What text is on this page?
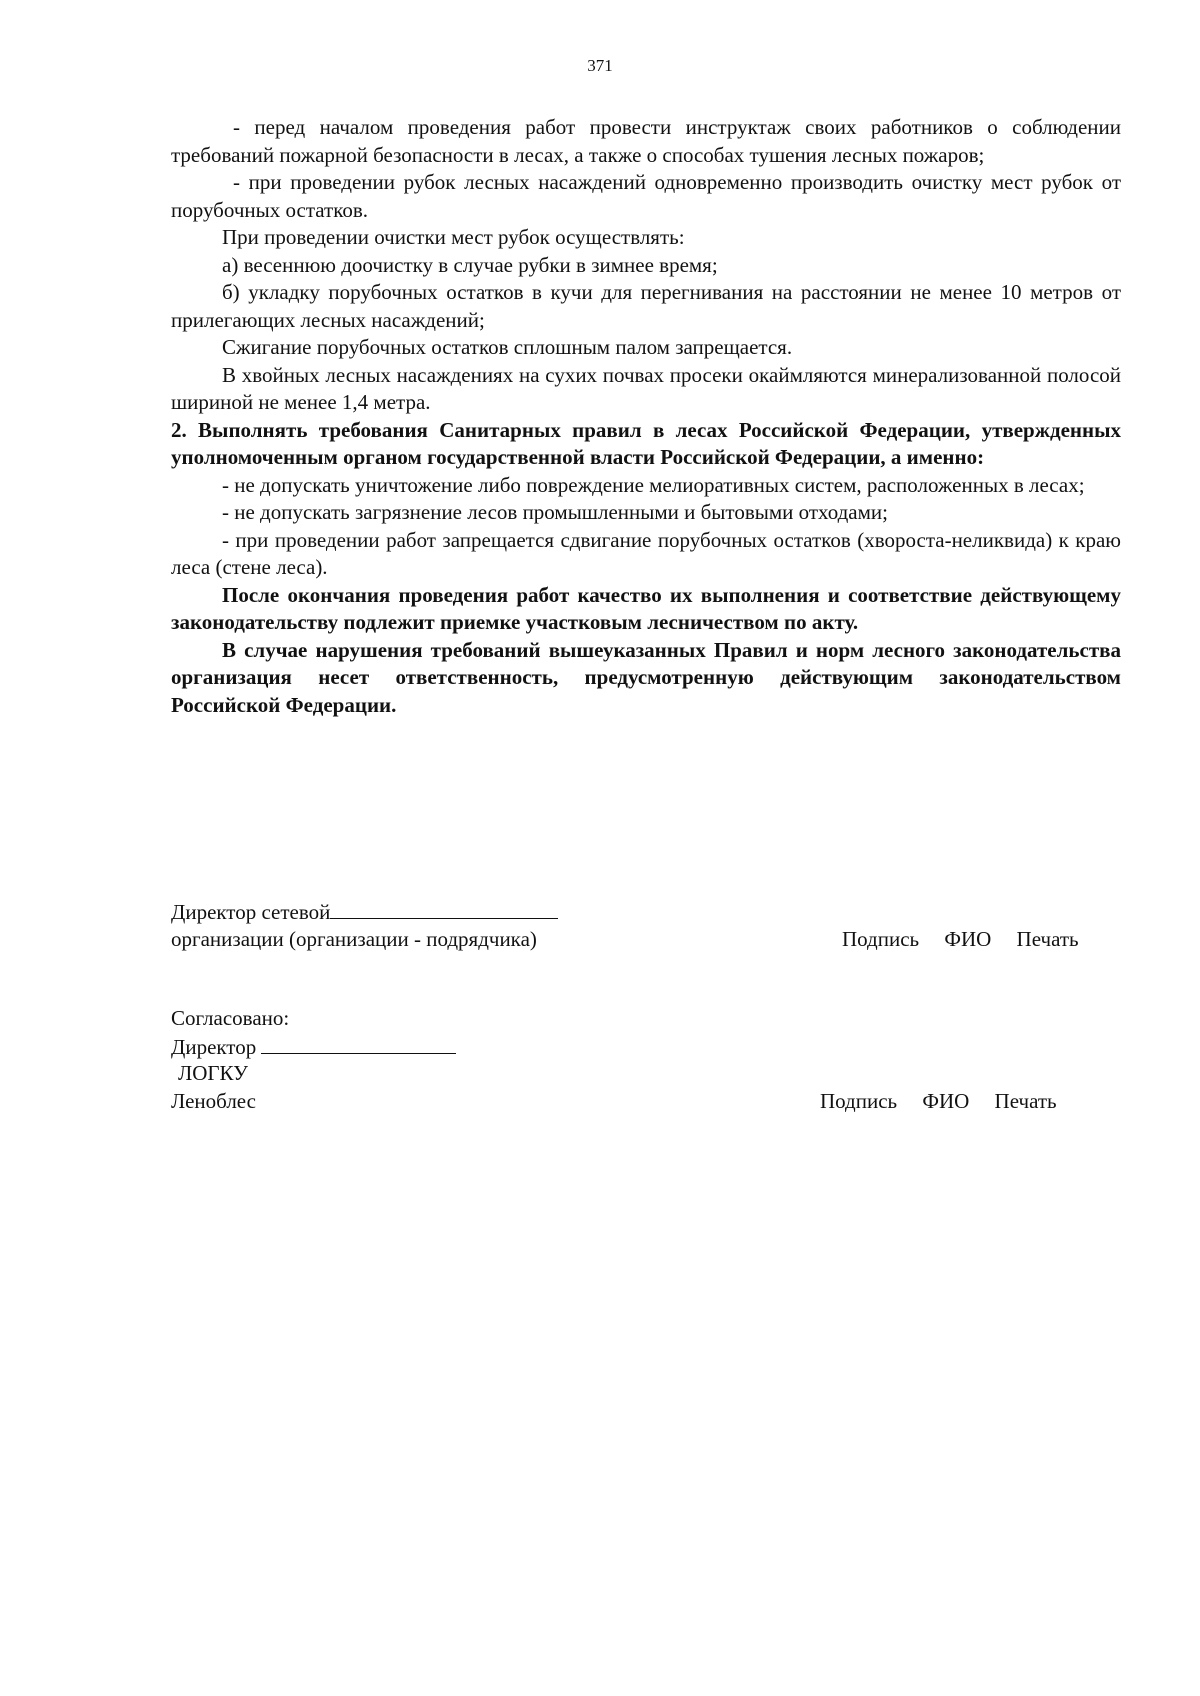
371

- перед началом проведения работ провести инструктаж своих работников о соблюдении требований пожарной безопасности в лесах, а также о способах тушения лесных пожаров;

- при проведении рубок лесных насаждений одновременно производить очистку мест рубок от порубочных остатков.

При проведении очистки мест рубок осуществлять:

а) весеннюю доочистку в случае рубки в зимнее время;

б) укладку порубочных остатков в кучи для перегнивания на расстоянии не менее 10 метров от прилегающих лесных насаждений;

Сжигание порубочных остатков сплошным палом запрещается.

В хвойных лесных насаждениях на сухих почвах просеки окаймляются минерализованной полосой шириной не менее 1,4 метра.

2. Выполнять требования Санитарных правил в лесах Российской Федерации, утвержденных уполномоченным органом государственной власти Российской Федерации, а именно:

- не допускать уничтожение либо повреждение мелиоративных систем, расположенных в лесах;

- не допускать загрязнение лесов промышленными и бытовыми отходами;

- при проведении работ запрещается сдвигание порубочных остатков (хвороста-неликвида) к краю леса (стене леса).

После окончания проведения работ качество их выполнения и соответствие действующему законодательству подлежит приемке участковым лесничеством по акту.

В случае нарушения требований вышеуказанных Правил и норм лесного законодательства организация несет ответственность, предусмотренную действующим законодательством Российской Федерации.

Директор сетевой
организации (организации - подрядчика)	Подпись ФИО Печать
Согласовано:
Директор
ЛОГКУ
Леноблес	Подпись ФИО Печать
